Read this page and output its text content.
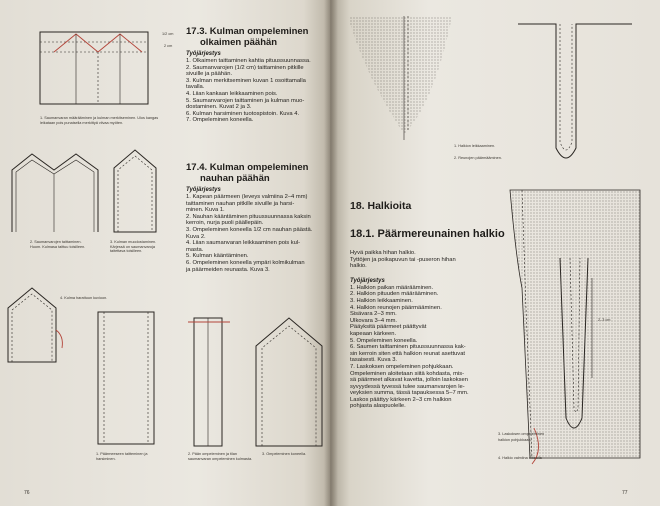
1/2 cm
2 cm
1. Saumanvaran määrääminen ja kulman merkitseminen. Ulos kangas leikataan pois punaisella merkittyä viivaa myöten.
2. Saumanvarojen taittaminen. Huom. Kulmasa taittuu toisilleen.
3. Kulman muodostaminen. Kärjessä on saumanvaroja taitettava toisilleen.
4. Kulma harattuun kuvioon.
1. Päärmeeseen taitteminen ja harsiminen.
2. Pään ompeleminen ja tilan saumanvaran ompeleminen kulmasta.
3. Ompeleminen koneella.
17.3. Kulman ompeleminen
olkaimen päähän
Työjärjestys
1. Olkaimen taittaminen kahtia pituussuunnassa.
2. Saumanvarojen (1/2 cm) taittaminen pitkille
sivuille ja päähän.
3. Kulman merkitseminen kuvan 1 osoittamalla
tavalla.
4. Liian kankaan leikkaaminen pois.
5. Saumanvarojen taittaminen ja kulman muo-
dostaminen. Kuvat 2 ja 3.
6. Kulman harsiminen tuotospistoin. Kuva 4.
7. Ompeleminen koneella.
17.4. Kulman ompeleminen
nauhan päähän
Työjärjestys
1. Kapean päärmeen (leveys valmiina 2–4 mm)
taittaminen nauhan pitkille sivuille ja harsi-
minen. Kuva 1.
2. Nauhan kääntäminen pituussuunnassa kaksin
kerroin, nurja puoli päällepäin.
3. Ompeleminen koneella 1/2 cm nauhan päästä.
Kuva 2.
4. Liian saumanvaran leikkaaminen pois kul-
masta.
5. Kulman kääntäminen.
6. Ompeleminen koneella ympäri kolmikulman
ja päärmeiden reunasta. Kuva 3.
76
1. Halkion leikkaaminen.
2. Reunojen päärmääminen.
18. Halkioita
18.1. Päärmereunainen halkio
Hyvä paikka hihan halkio.
Tyttöjen ja poikapuvun tai -puseron hihan
halkio.
Työjärjestys
1. Halkion paikan määrääminen.
2. Halkion pituuden määrääminen.
3. Halkion leikkaaminen.
4. Halkion reunojen päärmääminen.
Sisävara 2–3 mm.
Ulkovara 3–4 mm.
Pääyksitä päärmeet päättyvät
kapeaan kärkeen.
5. Ompeleminen koneella.
6. Saumen taittaminen pituussuunnassa kak-
sin kerroin siten että halkion reunat asettuvat
tasaisesti. Kuva 3.
7. Laskoksen ompeleminen pohjukkaan.
Ompeleminen aloitetaan siitä kohdasta, mis-
sä päärmeet alkavat kavetta, jolloin laskoksen
syvyydessä tyvessä tulee saumanvarojen le-
veyksien summa, tässä tapauksessa 5–7 mm.
Laskos päättyy kärkeen 2–3 cm halkion
pohjasta alaspuolelle.
2–3 cm
3. Laskoksen ompeleminen
halkion pohjukkaan.
4. Halkio valmiina oikealla
77
